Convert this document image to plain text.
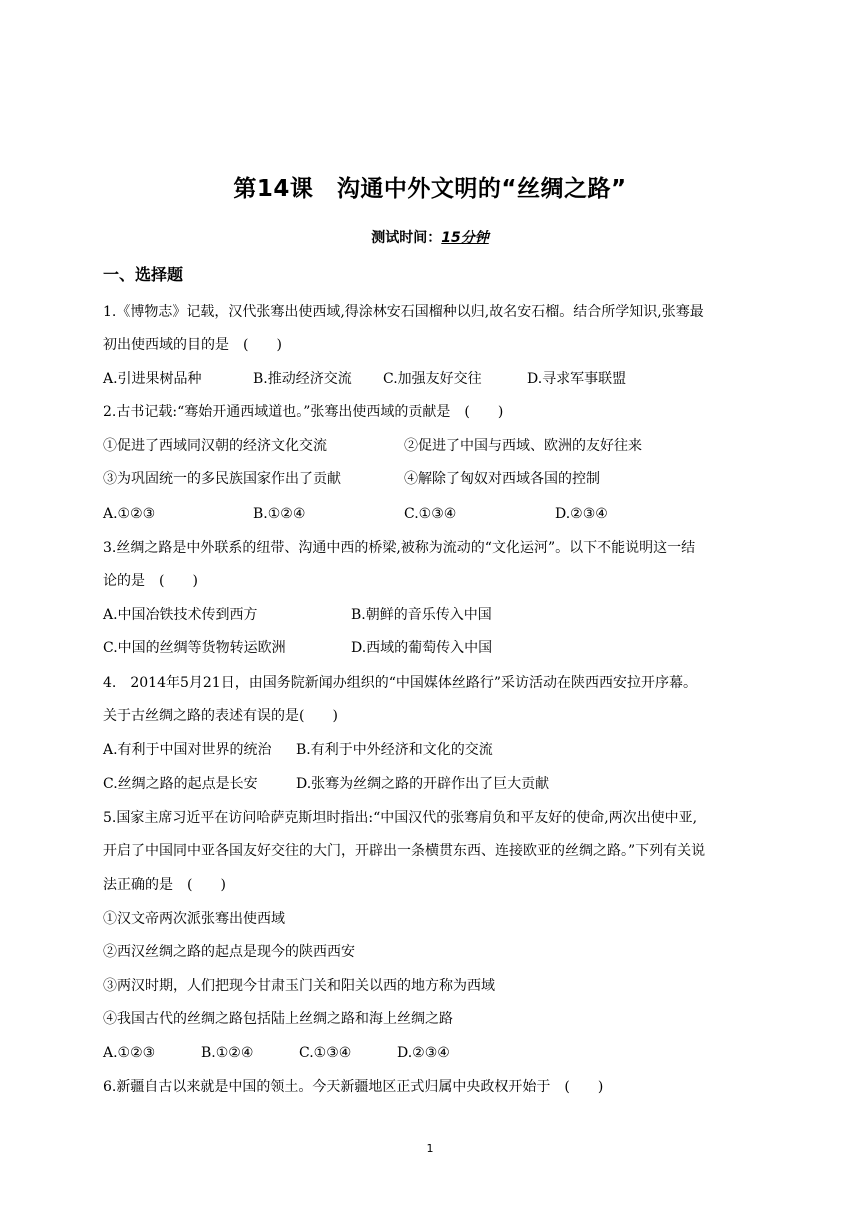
第14课　沟通中外文明的“丝绸之路”
测试时间：15分钟
一、选择题
1.《博物志》记载，汉代张骞出使西域,得涂林安石国榴种以归,故名安石榴。结合所学知识,张骞最
初出使西域的目的是　(　　)
A.引进果树品种	B.推动经济交流 C.加强友好交往	D.寻求军事联盟
2.古书记载:“骞始开通西域道也。”张骞出使西域的贡献是　(　　)
①促进了西域同汉朝的经济文化交流	②促进了中国与西域、欧洲的友好往来
③为巩固统一的多民族国家作出了贡献	④解除了匈奴对西域各国的控制
A.①②③	B.①②④	C.①③④	D.②③④
3.丝绸之路是中外联系的纽带、沟通中西的桥梁,被称为流动的“文化运河”。以下不能说明这一结
论的是　(　　)
A.中国冶铁技术传到西方	B.朝鲜的音乐传入中国
C.中国的丝绸等货物转运欧洲	D.西域的葡萄传入中国
4.　2014年5月21日，由国务院新闻办组织的“中国媒体丝路行”采访活动在陕西西安拉开序幕。
关于古丝绸之路的表述有误的是(　　)
A.有利于中国对世界的统治 B.有利于中外经济和文化的交流
C.丝绸之路的起点是长安	D.张骞为丝绸之路的开辟作出了巨大贡献
5.国家主席习近平在访问哈萨克斯坦时指出:“中国汉代的张骞肩负和平友好的使命,两次出使中亚,
开启了中国同中亚各国友好交往的大门，开辟出一条横贯东西、连接欧亚的丝绸之路。”下列有关说
法正确的是　(　　)
①汉文帝两次派张骞出使西域
②西汉丝绸之路的起点是现今的陕西西安
③两汉时期，人们把现今甘肃玉门关和阳关以西的地方称为西域
④我国古代的丝绸之路包括陆上丝绸之路和海上丝绸之路
A.①②③	B.①②④	C.①③④	D.②③④
6.新疆自古以来就是中国的领土。今天新疆地区正式归属中央政权开始于　(　　)
1
